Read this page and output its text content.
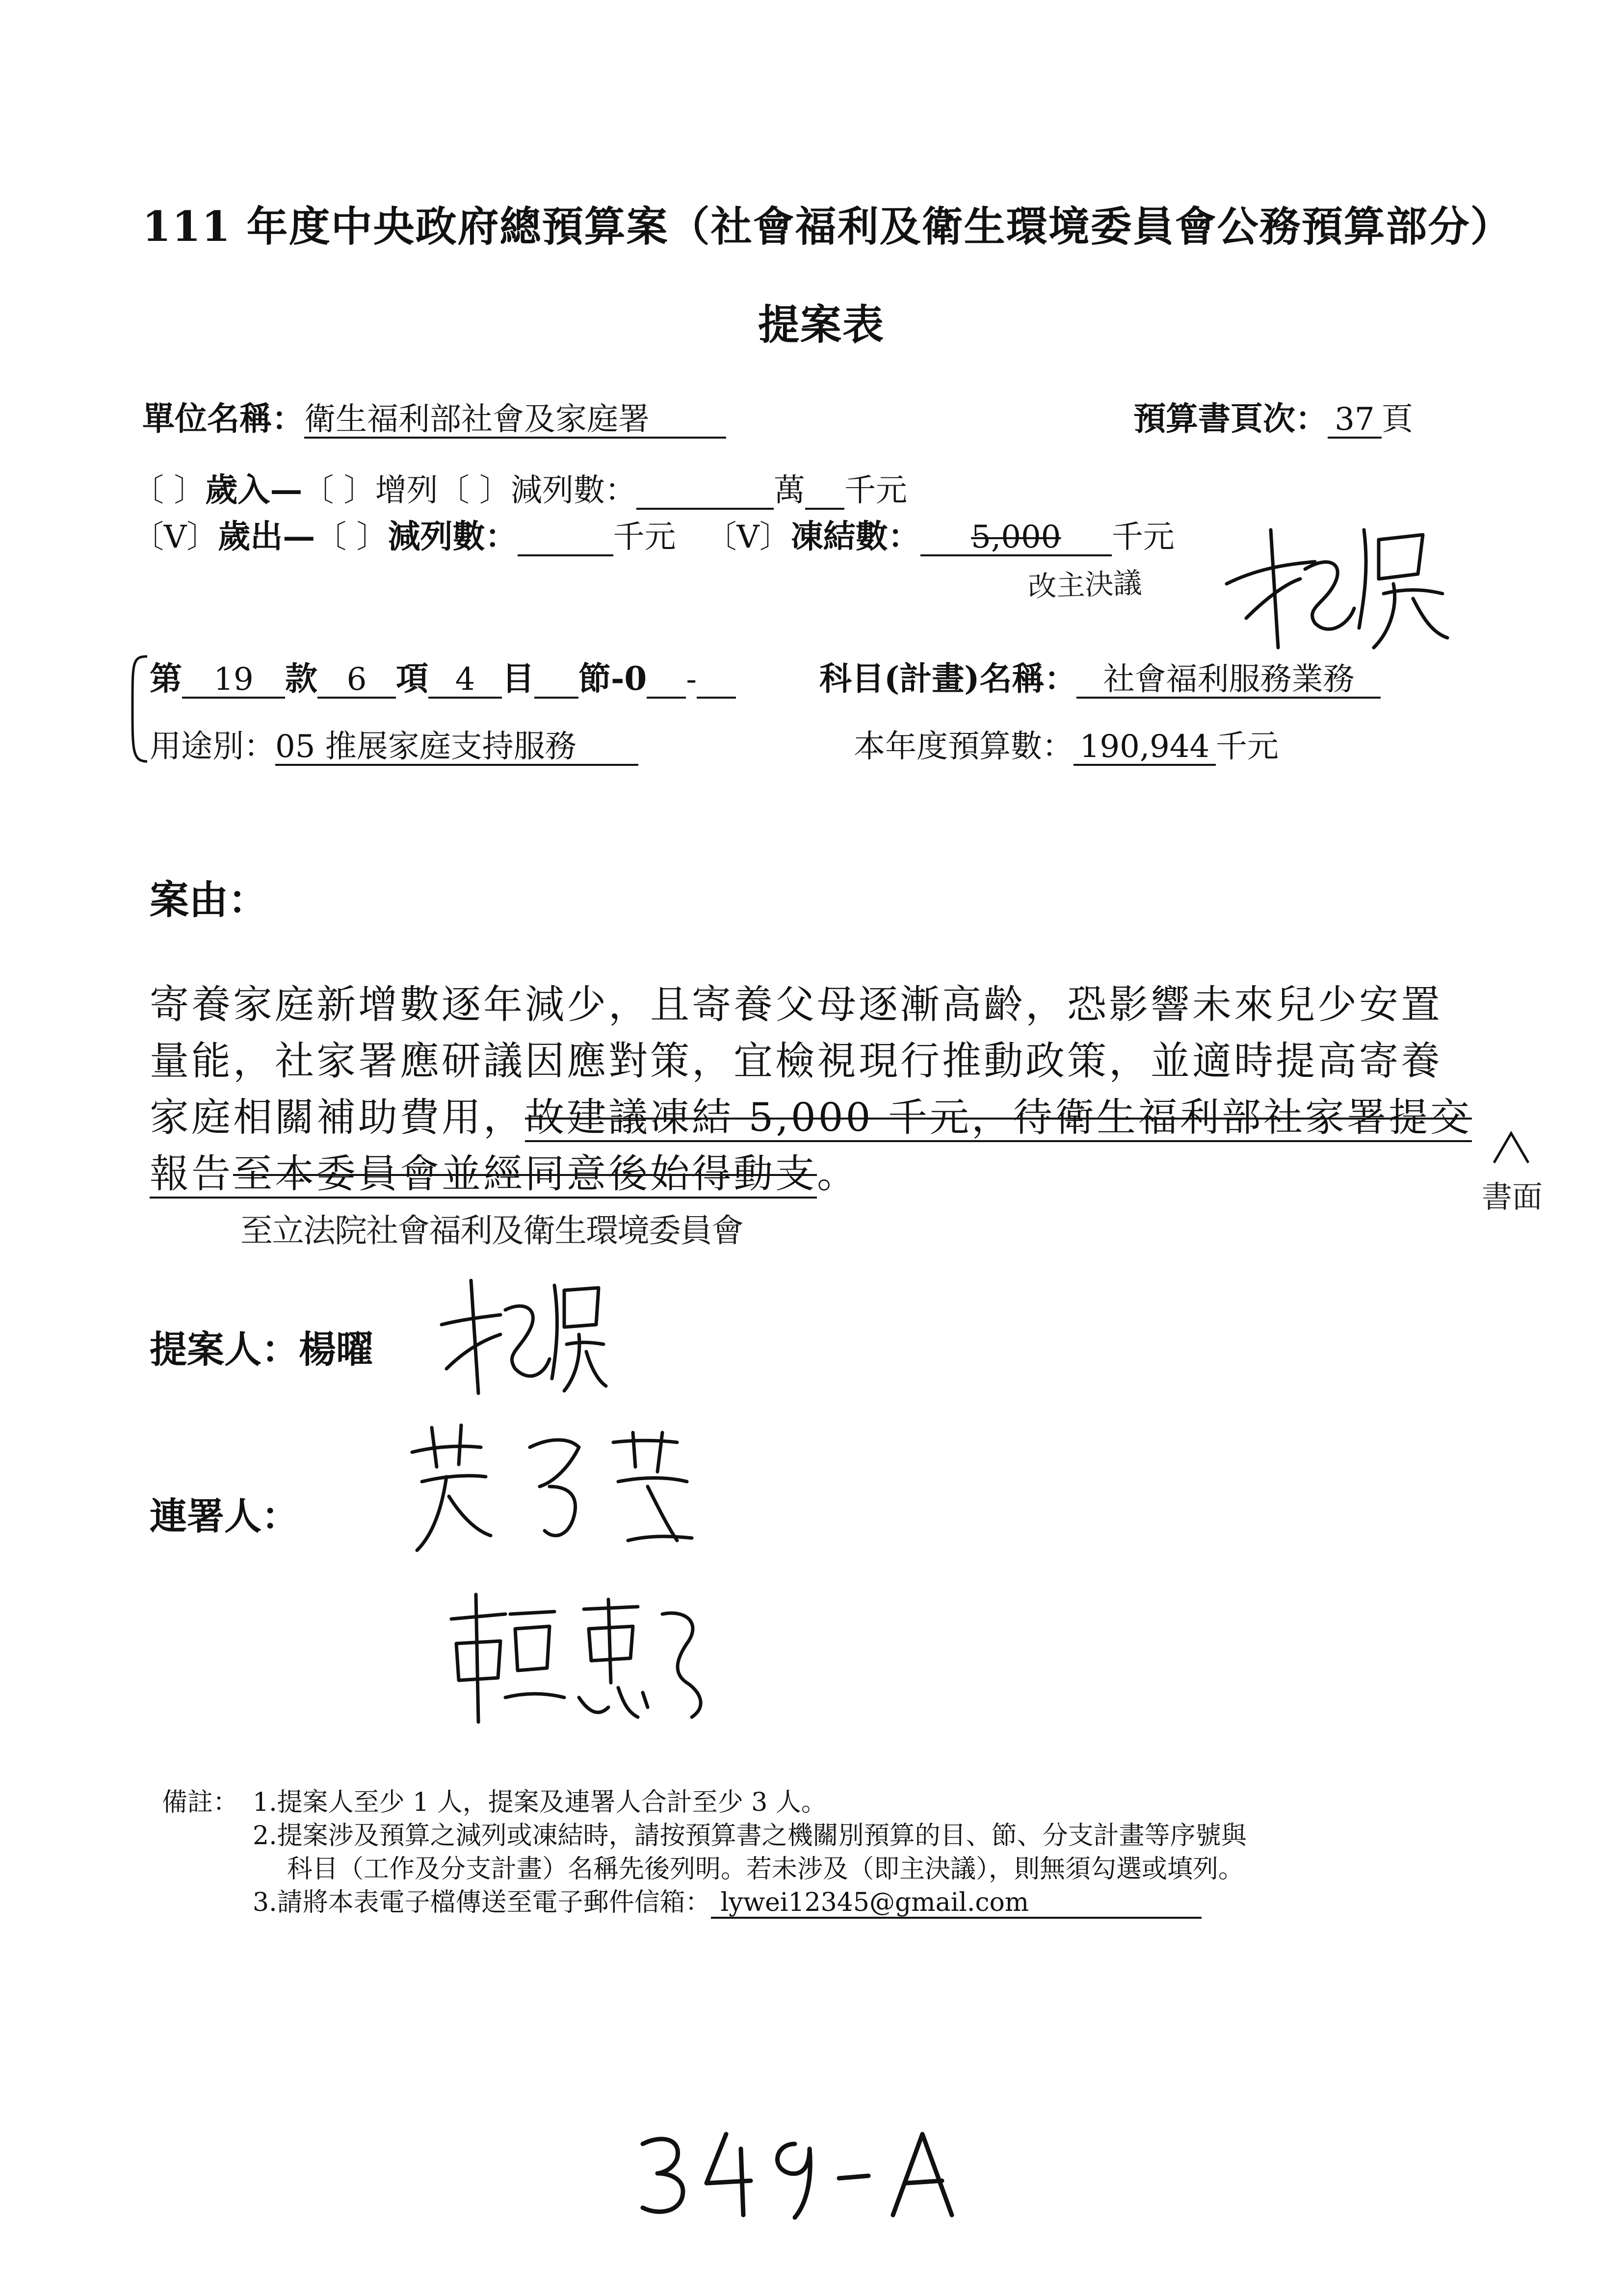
111 年度中央政府總預算案（社會福利及衛生環境委員會公務預算部分）
提案表
單位名稱：衛生福利部社會及家庭署	預算書頁次： 37 頁
〔 〕歲入—〔 〕增列〔 〕減列數：	萬 千元
〔V〕歲出—〔 〕減列數：	千元 〔V〕凍結數： 5,000 千元
改主決議
第 19 款 6 項 4 目 節-0 -	科目(計畫)名稱： 社會福利服務業務
用途別：05 推展家庭支持服務	本年度預算數： 190,944 千元
案由：
寄養家庭新增數逐年減少，且寄養父母逐漸高齡，恐影響未來兒少安置
量能，社家署應研議因應對策，宜檢視現行推動政策，並適時提高寄養
家庭相關補助費用，故建議凍結 5,000 千元，待衛生福利部社家署提交
報告至本委員會並經同意後始得動支。
書面
至立法院社會福利及衛生環境委員會
提案人：楊曜
連署人：
備註： 1.提案人至少 1 人，提案及連署人合計至少 3 人。
2.提案涉及預算之減列或凍結時，請按預算書之機關別預算的目、節、分支計畫等序號與
科目（工作及分支計畫）名稱先後列明。若未涉及（即主決議），則無須勾選或填列。
3.請將本表電子檔傳送至電子郵件信箱： lywei12345@gmail.com
